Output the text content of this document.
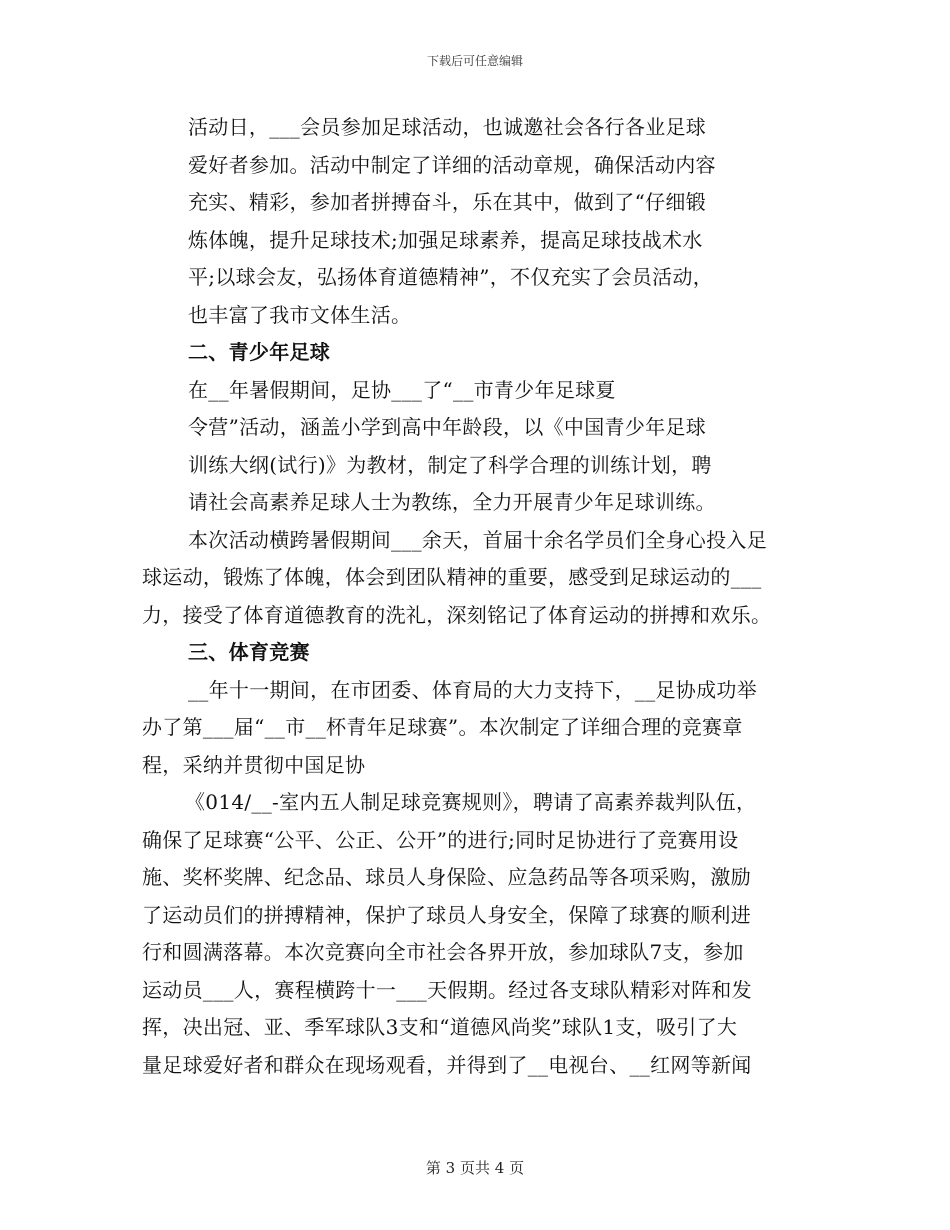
下载后可任意编辑
活动日，___会员参加足球活动，也诚邀社会各行各业足球
爱好者参加。活动中制定了详细的活动章规，确保活动内容
充实、精彩，参加者拼搏奋斗，乐在其中，做到了“仔细锻
炼体魄，提升足球技术;加强足球素养，提高足球技战术水
平;以球会友，弘扬体育道德精神”，不仅充实了会员活动，
也丰富了我市文体生活。
二、青少年足球
在__年暑假期间，足协___了“__市青少年足球夏
令营”活动，涵盖小学到高中年龄段，以《中国青少年足球
训练大纲(试行)》为教材，制定了科学合理的训练计划，聘
请社会高素养足球人士为教练，全力开展青少年足球训练。
本次活动横跨暑假期间___余天，首届十余名学员们全身心投入足
球运动，锻炼了体魄，体会到团队精神的重要，感受到足球运动的___
力，接受了体育道德教育的洗礼，深刻铭记了体育运动的拼搏和欢乐。
三、体育竞赛
__年十一期间，在市团委、体育局的大力支持下，__足协成功举
办了第___届“__市__杯青年足球赛”。本次制定了详细合理的竞赛章
程，采纳并贯彻中国足协
《014/__-室内五人制足球竞赛规则》，聘请了高素养裁判队伍，
确保了足球赛“公平、公正、公开”的进行;同时足协进行了竞赛用设
施、奖杯奖牌、纪念品、球员人身保险、应急药品等各项采购，激励
了运动员们的拼搏精神，保护了球员人身安全，保障了球赛的顺利进
行和圆满落幕。本次竞赛向全市社会各界开放，参加球队7支，参加
运动员___人，赛程横跨十一___天假期。经过各支球队精彩对阵和发
挥，决出冠、亚、季军球队3支和“道德风尚奖”球队1支，吸引了大
量足球爱好者和群众在现场观看，并得到了__电视台、__红网等新闻
第 3 页共 4 页
